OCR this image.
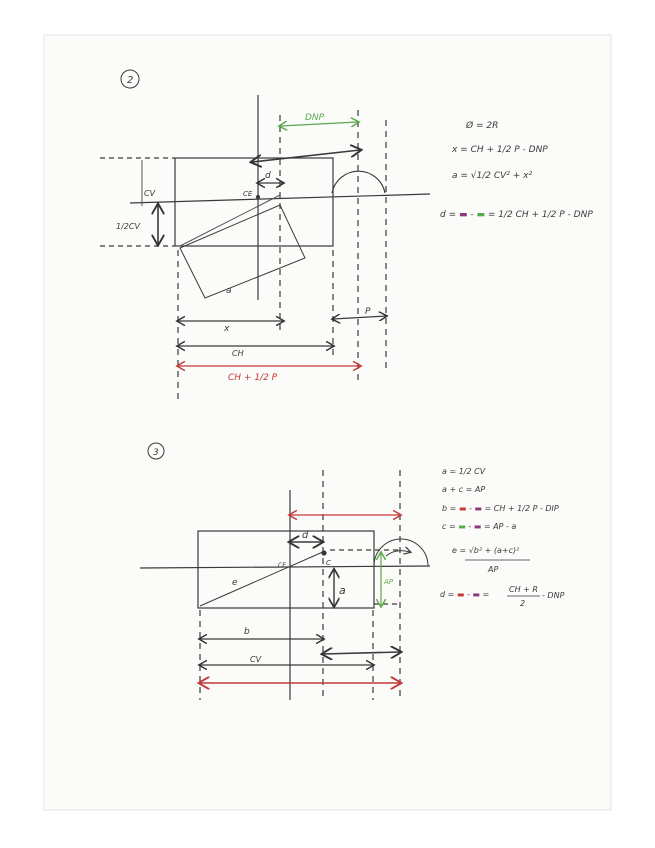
2
DNP
CV
1/2CV
CE
d
a
x
P
CH
CH + 1/2 P
Ø = 2R
x = CH + 1/2 P - DNP
a = √1/2 CV² + x²
d = ▬ - ▬ = 1/2 CH + 1/2 P - DNP
3
d
CE	C
e
a
AP
b
CV
a = 1/2 CV
a + c = AP
b = ▬ - ▬ = CH + 1/2 P - DIP
c = ▬ - ▬ = AP - a
e = √b² + (a+c)²
AP
d = ▬ - ▬ =
CH + R
2
- DNP
